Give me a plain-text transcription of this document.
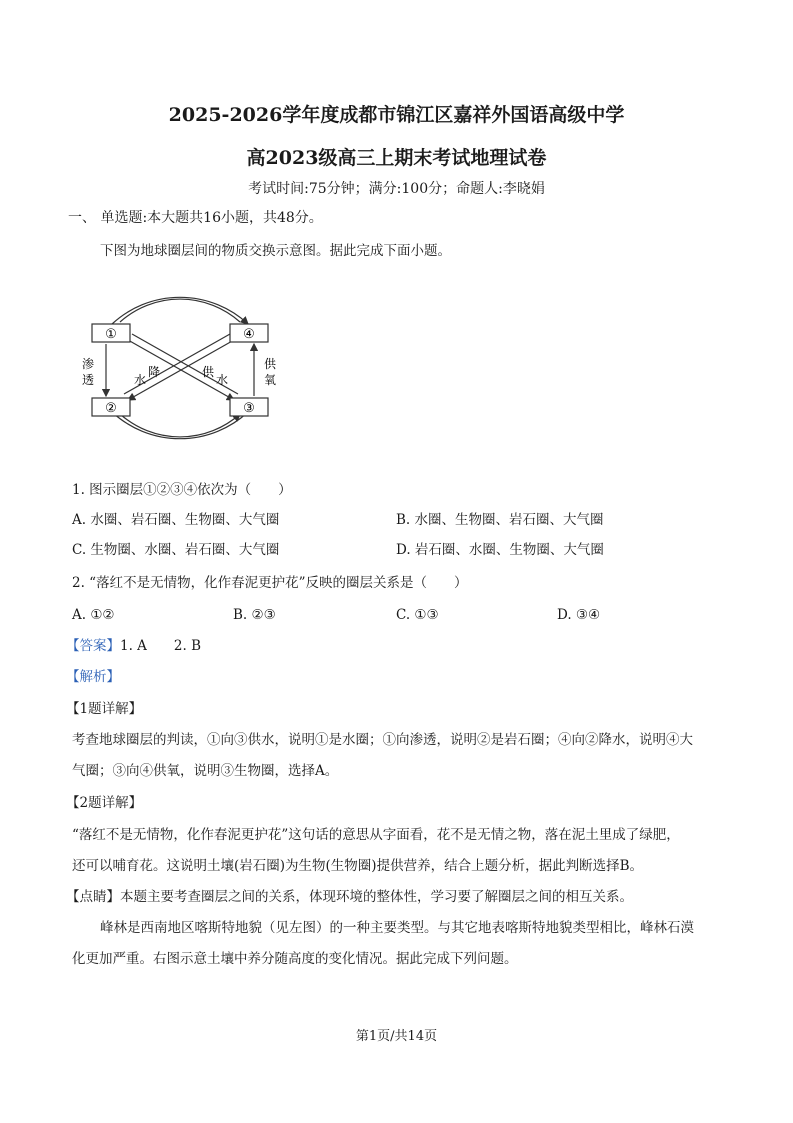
2025-2026学年度成都市锦江区嘉祥外国语高级中学
高2023级高三上期末考试地理试卷
考试时间:75分钟；满分:100分；命题人:李晓娟
一、 单选题:本大题共16小题，共48分。
下图为地球圈层间的物质交换示意图。据此完成下面小题。
①	④
②	③
渗
透
供
氧
水
降	供
水
1. 图示圈层①②③④依次为（　　）
A. 水圈、岩石圈、生物圈、大气圈	B. 水圈、生物圈、岩石圈、大气圈
C. 生物圈、水圈、岩石圈、大气圈	D. 岩石圈、水圈、生物圈、大气圈
2. “落红不是无情物，化作春泥更护花”反映的圈层关系是（　　）
A. ①②	B. ②③	C. ①③	D. ③④
【答案】1. A　　2. B
【解析】
【1题详解】
考查地球圈层的判读，①向③供水，说明①是水圈；①向渗透，说明②是岩石圈；④向②降水，说明④大
气圈；③向④供氧，说明③生物圈，选择A。
【2题详解】
“落红不是无情物，化作春泥更护花”这句话的意思从字面看，花不是无情之物，落在泥土里成了绿肥，
还可以哺育花。这说明土壤(岩石圈)为生物(生物圈)提供营养，结合上题分析，据此判断选择B。
【点睛】本题主要考查圈层之间的关系，体现环境的整体性，学习要了解圈层之间的相互关系。
峰林是西南地区喀斯特地貌（见左图）的一种主要类型。与其它地表喀斯特地貌类型相比，峰林石漠
化更加严重。右图示意土壤中养分随高度的变化情况。据此完成下列问题。
第1页/共14页
